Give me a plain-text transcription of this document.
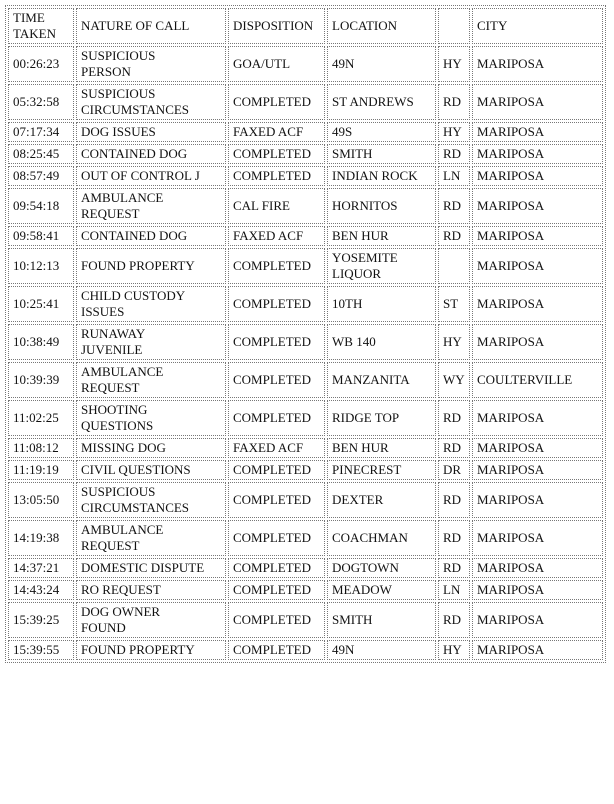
TIME
TAKEN	NATURE OF CALL	DISPOSITION	LOCATION		CITY

00:26:23	SUSPICIOUS
PERSON	GOA/UTL	49N	HY	MARIPOSA

05:32:58	SUSPICIOUS
CIRCUMSTANCES	COMPLETED	ST ANDREWS	RD	MARIPOSA

07:17:34	DOG ISSUES	FAXED ACF	49S	HY	MARIPOSA

08:25:45	CONTAINED DOG	COMPLETED	SMITH	RD	MARIPOSA

08:57:49	OUT OF CONTROL J	COMPLETED	INDIAN ROCK	LN	MARIPOSA

09:54:18	AMBULANCE
REQUEST	CAL FIRE	HORNITOS	RD	MARIPOSA

09:58:41	CONTAINED DOG	FAXED ACF	BEN HUR	RD	MARIPOSA

10:12:13	FOUND PROPERTY	COMPLETED	YOSEMITE
LIQUOR		MARIPOSA

10:25:41	CHILD CUSTODY
ISSUES	COMPLETED	10TH	ST	MARIPOSA

10:38:49	RUNAWAY
JUVENILE	COMPLETED	WB 140	HY	MARIPOSA

10:39:39	AMBULANCE
REQUEST	COMPLETED	MANZANITA	WY	COULTERVILLE

11:02:25	SHOOTING
QUESTIONS	COMPLETED	RIDGE TOP	RD	MARIPOSA

11:08:12	MISSING DOG	FAXED ACF	BEN HUR	RD	MARIPOSA

11:19:19	CIVIL QUESTIONS	COMPLETED	PINECREST	DR	MARIPOSA

13:05:50	SUSPICIOUS
CIRCUMSTANCES	COMPLETED	DEXTER	RD	MARIPOSA

14:19:38	AMBULANCE
REQUEST	COMPLETED	COACHMAN	RD	MARIPOSA

14:37:21	DOMESTIC DISPUTE	COMPLETED	DOGTOWN	RD	MARIPOSA

14:43:24	RO REQUEST	COMPLETED	MEADOW	LN	MARIPOSA

15:39:25	DOG OWNER
FOUND	COMPLETED	SMITH	RD	MARIPOSA

15:39:55	FOUND PROPERTY	COMPLETED	49N	HY	MARIPOSA
